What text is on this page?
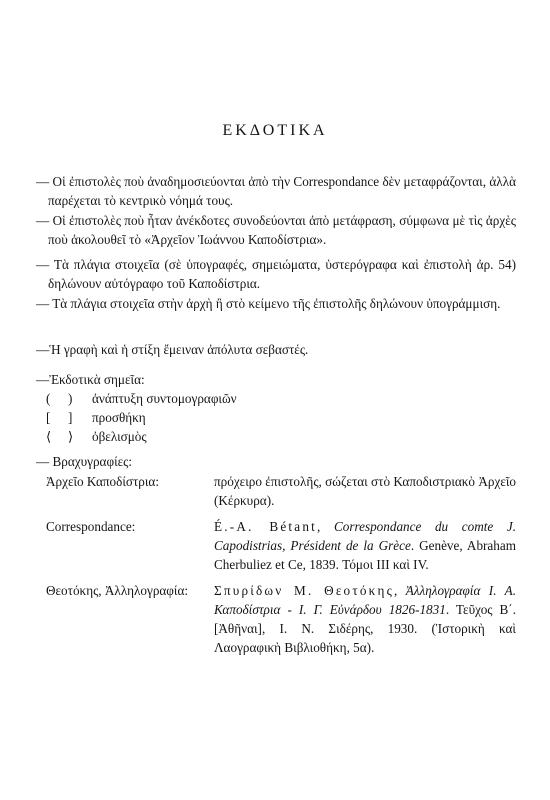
ΕΚΔΟΤΙΚΑ
— Οἱ ἐπιστολὲς ποὺ ἀναδημοσιεύονται ἀπὸ τὴν Correspondance δὲν μεταφράζονται, ἀλλὰ παρέχεται τὸ κεντρικὸ νόημά τους.
— Οἱ ἐπιστολὲς ποὺ ἦταν ἀνέκδοτες συνοδεύονται ἀπὸ μετάφραση, σύμφωνα μὲ τὶς ἀρχὲς ποὺ ἀκολουθεῖ τὸ «Ἀρχεῖον Ἰωάννου Καποδίστρια».
— Τὰ πλάγια στοιχεῖα (σὲ ὑπογραφές, σημειώματα, ὑστερόγραφα καὶ ἐπιστολὴ ἀρ. 54) δηλώνουν αὐτόγραφο τοῦ Καποδίστρια.
— Τὰ πλάγια στοιχεῖα στὴν ἀρχὴ ἢ στὸ κείμενο τῆς ἐπιστολῆς δηλώνουν ὑπογράμμιση.
—Ἡ γραφὴ καὶ ἡ στίξη ἔμειναν ἀπόλυτα σεβαστές.
—Ἐκδοτικὰ σημεῖα:
( )	ἀνάπτυξη συντομογραφιῶν
[ ]	προσθήκη
⟨ ⟩	ὀβελισμὸς
— Βραχυγραφίες:
Ἀρχεῖο Καποδίστρια:	πρόχειρο ἐπιστολῆς, σώζεται στὸ Καποδιστριακὸ Ἀρχεῖο (Κέρκυρα).
Correspondance:	É.-A. Bétant, Correspondance du comte J. Capodistrias, Président de la Grèce. Genève, Abraham Cherbuliez et Ce, 1839. Τόμοι III καὶ IV.
Θεοτόκης, Ἀλληλογραφία:	Σπυρίδων Μ. Θεοτόκης, Ἀλληλογραφία Ι. Α. Καποδίστρια - Ι. Γ. Εὐνάρδου 1826-1831. Τεῦχος Β΄. [Ἀθῆναι], Ι. Ν. Σιδέρης, 1930. (Ἱστορικὴ καὶ Λαογραφικὴ Βιβλιοθήκη, 5α).
